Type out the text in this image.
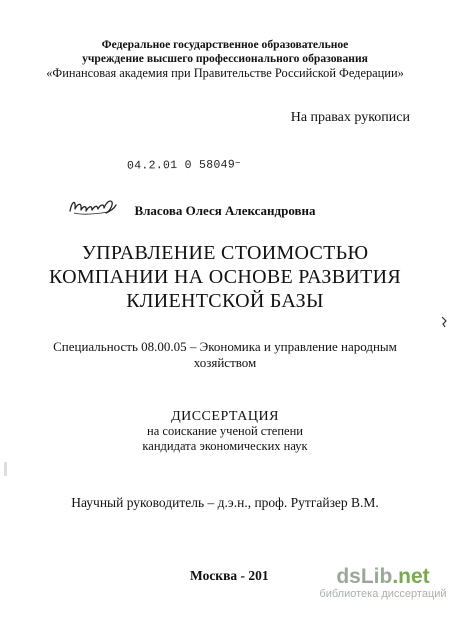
Федеральное государственное образовательное
учреждение высшего профессионального образования
«Финансовая академия при Правительстве Российской Федерации»
На правах рукописи
04.2.01 0 58049~
Власова Олеся Александровна
УПРАВЛЕНИЕ СТОИМОСТЬЮ
КОМПАНИИ НА ОСНОВЕ РАЗВИТИЯ
КЛИЕНТСКОЙ БАЗЫ
Специальность 08.00.05 – Экономика и управление народным
хозяйством
ДИССЕРТАЦИЯ
на соискание ученой степени
кандидата экономических наук
Научный руководитель – д.э.н., проф. Рутгайзер В.М.
Москва - 201	dsLib.net
библиотека диссертаций
